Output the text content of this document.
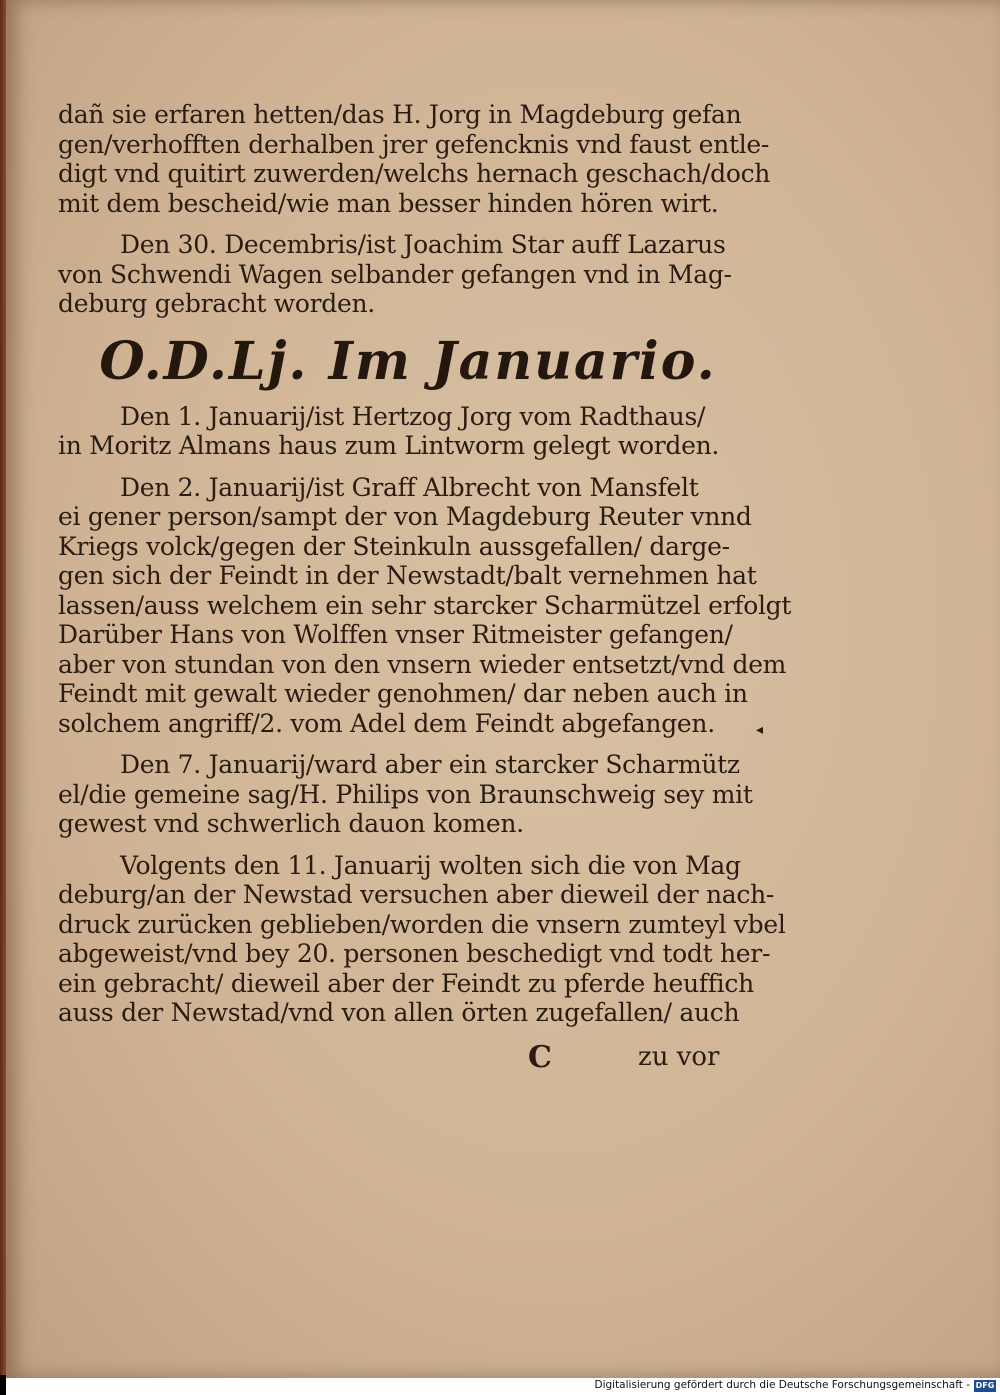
dañ sie erfaren hetten/das H. Jorg in Magdeburg gefan
gen/verhofften derhalben jrer gefencknis vnd faust entle-
digt vnd quitirt zuwerden/welchs hernach geschach/doch
mit dem bescheid/wie man besser hinden hören wirt.
Den 30. Decembris/ist Joachim Star auff Lazarus
von Schwendi Wagen selbander gefangen vnd in Mag-
deburg gebracht worden.
O.D.Lj. Im Januario.
Den 1. Januarij/ist Hertzog Jorg vom Radthaus/
in Moritz Almans haus zum Lintworm gelegt worden.
Den 2. Januarij/ist Graff Albrecht von Mansfelt
ei gener person/sampt der von Magdeburg Reuter vnnd
Kriegs volck/gegen der Steinkuln aussgefallen/ darge-
gen sich der Feindt in der Newstadt/balt vernehmen hat
lassen/auss welchem ein sehr starcker Scharmützel erfolgt
Darüber Hans von Wolffen vnser Ritmeister gefangen/
aber von stundan von den vnsern wieder entsetzt/vnd dem
Feindt mit gewalt wieder genohmen/ dar neben auch in
solchem angriff/2. vom Adel dem Feindt abgefangen.
Den 7. Januarij/ward aber ein starcker Scharmütz
el/die gemeine sag/H. Philips von Braunschweig sey mit
gewest vnd schwerlich dauon komen.
Volgents den 11. Januarij wolten sich die von Mag
deburg/an der Newstad versuchen aber dieweil der nach-
druck zurücken geblieben/worden die vnsern zumteyl vbel
abgeweist/vnd bey 20. personen beschedigt vnd todt her-
ein gebracht/ dieweil aber der Feindt zu pferde heuffich
auss der Newstad/vnd von allen örten zugefallen/ auch
C	zu vor
◂
Digitalisierung gefördert durch die Deutsche Forschungsgemeinschaft - DFG
